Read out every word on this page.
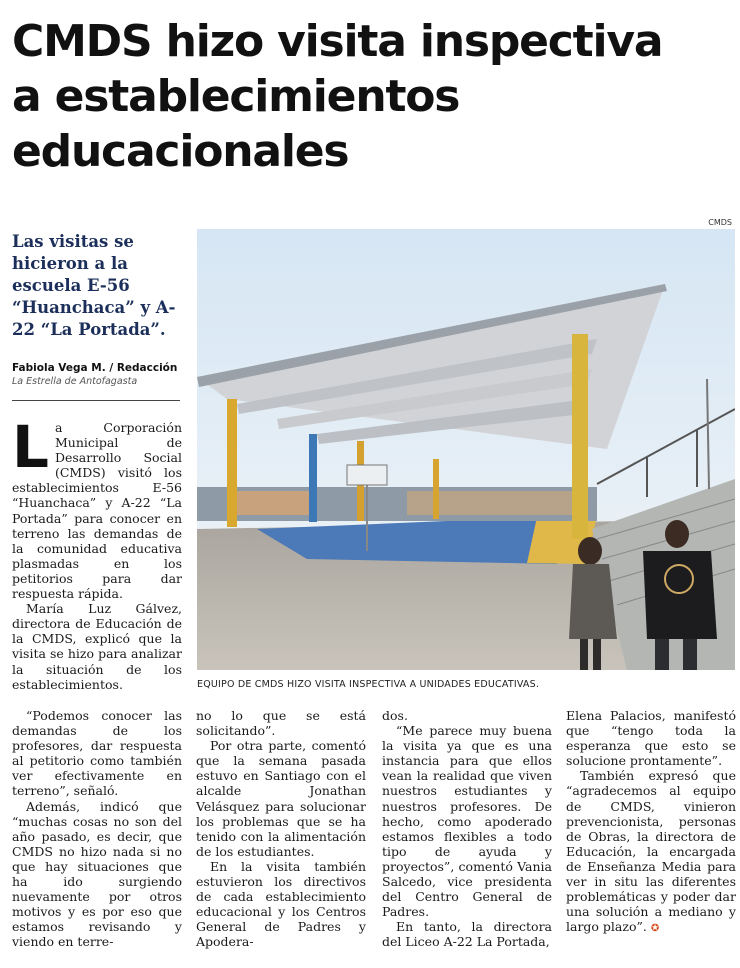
CMDS hizo visita inspectiva
a establecimientos
educacionales
Las visitas se hicieron a la escuela E-56 “Huanchaca” y A-22 “La Portada”.
Fabiola Vega M. / Redacción
La Estrella de Antofagasta

La Corporación Municipal de Desarrollo Social (CMDS) visitó los establecimientos E-56 “Huanchaca” y A-22 “La Portada” para conocer en terreno las demandas de la comunidad educativa plasmadas en los petitorios para dar respuesta rápida.

María Luz Gálvez, directora de Educación de la CMDS, explicó que la visita se hizo para analizar la situación de los establecimientos.

“Podemos conocer las demandas de los profesores, dar respuesta al petitorio como también ver efectivamente en terreno”, señaló.

Además, indicó que “muchas cosas no son del año pasado, es decir, que CMDS no hizo nada si no que hay situaciones que ha ido surgiendo nuevamente por otros motivos y es por eso que estamos revisando y viendo en terre-

no lo que se está solicitando”.

Por otra parte, comentó que la semana pasada estuvo en Santiago con el alcalde Jonathan Velásquez para solucionar los problemas que se ha tenido con la alimentación de los estudiantes.

En la visita también estuvieron los directivos de cada establecimiento educacional y los Centros General de Padres y Apodera-

dos.

“Me parece muy buena la visita ya que es una instancia para que ellos vean la realidad que viven nuestros estudiantes y nuestros profesores. De hecho, como apoderado estamos flexibles a todo tipo de ayuda y proyectos”, comentó Vania Salcedo, vice presidenta del Centro General de Padres.

En tanto, la directora del Liceo A-22 La Portada,

Elena Palacios, manifestó que “tengo toda la esperanza que esto se solucione prontamente”.

También expresó que “agradecemos al equipo de CMDS, vinieron prevencionista, personas de Obras, la directora de Educación, la encargada de Enseñanza Media para ver in situ las diferentes problemáticas y poder dar una solución a mediano y largo plazo”. ✪

CMDS
EQUIPO DE CMDS HIZO VISITA INSPECTIVA A UNIDADES EDUCATIVAS.
